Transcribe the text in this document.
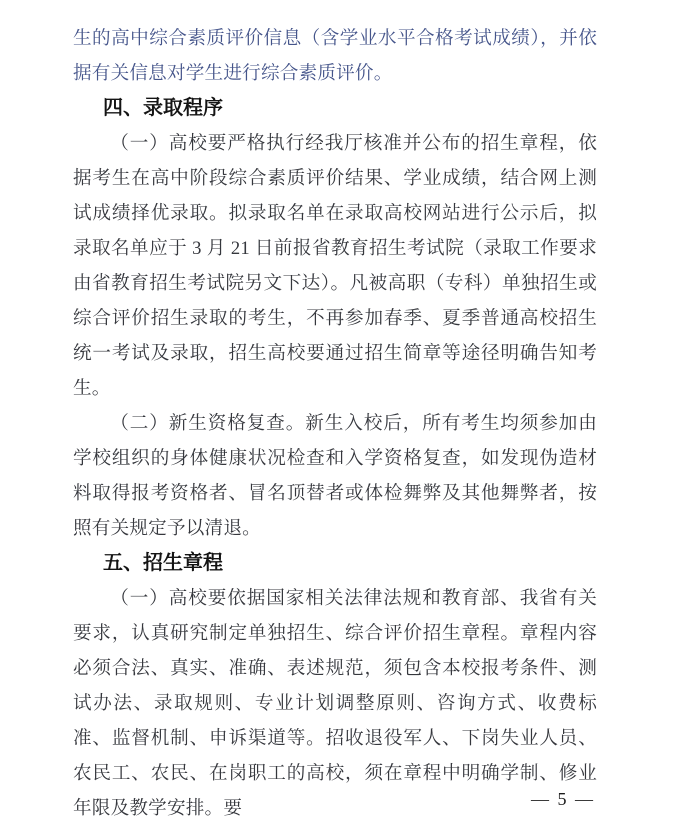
生的高中综合素质评价信息（含学业水平合格考试成绩），并依据有关信息对学生进行综合素质评价。

四、录取程序

（一）高校要严格执行经我厅核准并公布的招生章程，依据考生在高中阶段综合素质评价结果、学业成绩，结合网上测试成绩择优录取。拟录取名单在录取高校网站进行公示后，拟录取名单应于 3 月 21 日前报省教育招生考试院（录取工作要求由省教育招生考试院另文下达）。凡被高职（专科）单独招生或综合评价招生录取的考生，不再参加春季、夏季普通高校招生统一考试及录取，招生高校要通过招生简章等途径明确告知考生。

（二）新生资格复查。新生入校后，所有考生均须参加由学校组织的身体健康状况检查和入学资格复查，如发现伪造材料取得报考资格者、冒名顶替者或体检舞弊及其他舞弊者，按照有关规定予以清退。

五、招生章程

（一）高校要依据国家相关法律法规和教育部、我省有关要求，认真研究制定单独招生、综合评价招生章程。章程内容必须合法、真实、准确、表述规范，须包含本校报考条件、测试办法、录取规则、专业计划调整原则、咨询方式、收费标准、监督机制、申诉渠道等。招收退役军人、下岗失业人员、农民工、农民、在岗职工的高校，须在章程中明确学制、修业年限及教学安排。要	— 5 —
